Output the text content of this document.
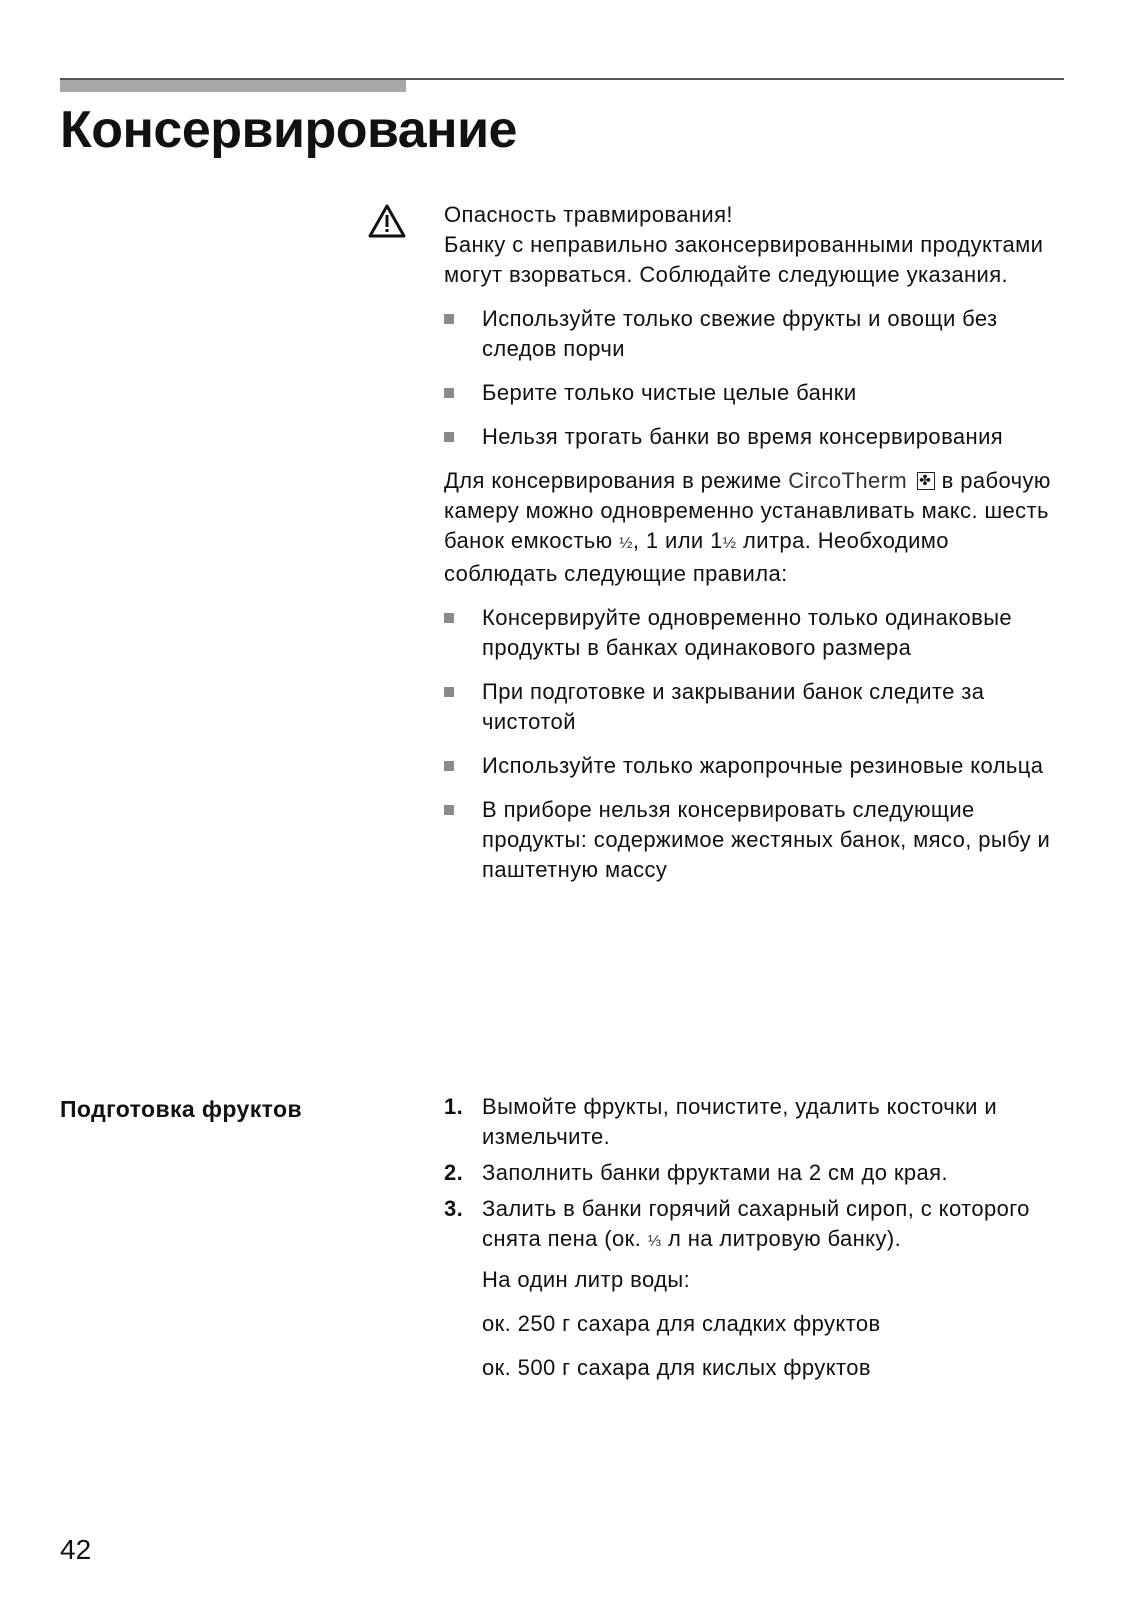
Консервирование

Опасность травмирования!

Банку с неправильно законсервированными продуктами могут взорваться. Соблюдайте следующие указания.

Используйте только свежие фрукты и овощи без следов порчи
Берите только чистые целые банки
Нельзя трогать банки во время консервирования

Для консервирования в режиме CircoTherm✤ в рабочую камеру можно одновременно устанавливать макс. шесть банок емкостью ½, 1 или 1½ литра. Необходимо соблюдать следующие правила:

Консервируйте одновременно только одинаковые продукты в банках одинакового размера
При подготовке и закрывании банок следите за чистотой
Используйте только жаропрочные резиновые кольца
В приборе нельзя консервировать следующие продукты: содержимое жестяных банок, мясо, рыбу и паштетную массу
Подготовка фруктов	1. Вымойте фрукты, почистите, удалить косточки и измельчите.
2. Заполнить банки фруктами на 2 см до края.
3. Залить в банки горячий сахарный сироп, с которого снята пена (ок. ⅓ л на литровую банку).

На один литр воды:

ок. 250 г сахара для сладких фруктов

ок. 500 г сахара для кислых фруктов

42
